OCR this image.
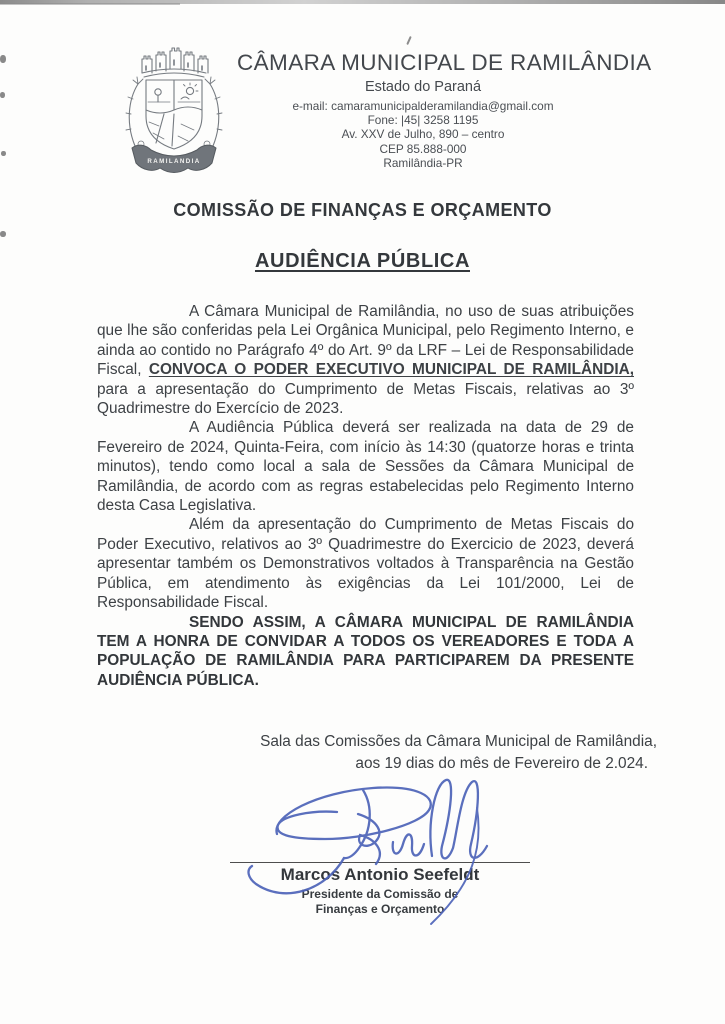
RAMILANDIA
CÂMARA MUNICIPAL DE RAMILÂNDIA
Estado do Paraná
e-mail: camaramunicipalderamilandia@gmail.com
Fone: |45| 3258 1195
Av. XXV de Julho, 890 – centro
CEP 85.888-000
Ramilândia-PR
COMISSÃO DE FINANÇAS E ORÇAMENTO
AUDIÊNCIA PÚBLICA

A Câmara Municipal de Ramilândia, no uso de suas atribuições que lhe são conferidas pela Lei Orgânica Municipal, pelo Regimento Interno, e ainda ao contido no Parágrafo 4º do Art. 9º da LRF – Lei de Responsabilidade Fiscal, CONVOCA O PODER EXECUTIVO MUNICIPAL DE RAMILÂNDIA, para a apresentação do Cumprimento de Metas Fiscais, relativas ao 3º Quadrimestre do Exercício de 2023.

A Audiência Pública deverá ser realizada na data de 29 de Fevereiro de 2024, Quinta-Feira, com início às 14:30 (quatorze horas e trinta minutos), tendo como local a sala de Sessões da Câmara Municipal de Ramilândia, de acordo com as regras estabelecidas pelo Regimento Interno desta Casa Legislativa.

Além da apresentação do Cumprimento de Metas Fiscais do Poder Executivo, relativos ao 3º Quadrimestre do Exercicio de 2023, deverá apresentar também os Demonstrativos voltados à Transparência na Gestão Pública, em atendimento às exigências da Lei 101/2000, Lei de Responsabilidade Fiscal.

SENDO ASSIM, A CÂMARA MUNICIPAL DE RAMILÂNDIA TEM A HONRA DE CONVIDAR A TODOS OS VEREADORES E TODA A POPULAÇÃO DE RAMILÂNDIA PARA PARTICIPAREM DA PRESENTE AUDIÊNCIA PÚBLICA.

Sala das Comissões da Câmara Municipal de Ramilândia,
aos 19 dias do mês de Fevereiro de 2.024.
Marcos Antonio Seefeldt
Presidente da Comissão de
Finanças e Orçamento
